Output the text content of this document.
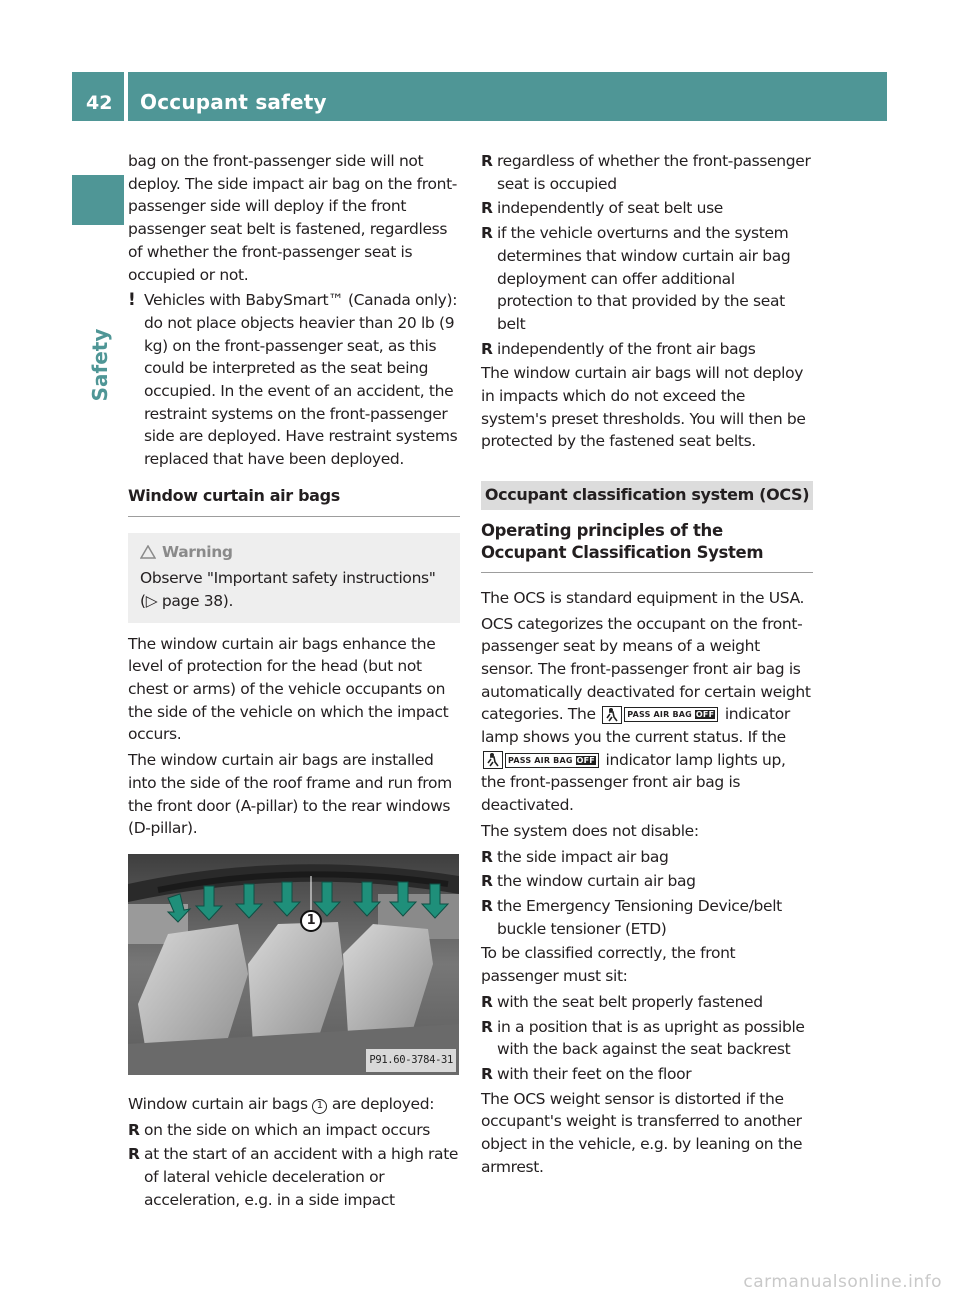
42 Occupant safety
Safety

bag on the front-passenger side will not deploy. The side impact air bag on the front-passenger side will deploy if the front passenger seat belt is fastened, regardless of whether the front-passenger seat is occupied or not.

! Vehicles with BabySmart™ (Canada only): do not place objects heavier than 20 lb (9 kg) on the front-passenger seat, as this could be interpreted as the seat being occupied. In the event of an accident, the restraint systems on the front-passenger side are deployed. Have restraint systems replaced that have been deployed.
Window curtain air bags
Warning
Observe "Important safety instructions" (▷ page 38).

The window curtain air bags enhance the level of protection for the head (but not chest or arms) of the vehicle occupants on the side of the vehicle on which the impact occurs.

The window curtain air bags are installed into the side of the roof frame and run from the front door (A-pillar) to the rear windows (D-pillar).

1
P91.60-3784-31

Window curtain air bags 1 are deployed:

R on the side on which an impact occurs
R at the start of an accident with a high rate of lateral vehicle deceleration or acceleration, e.g. in a side impact
R regardless of whether the front-passenger seat is occupied
R independently of seat belt use
R if the vehicle overturns and the system determines that window curtain air bag deployment can offer additional protection to that provided by the seat belt
R independently of the front air bags

The window curtain air bags will not deploy in impacts which do not exceed the system's preset thresholds. You will then be protected by the fastened seat belts.

Occupant classification system (OCS)
Operating principles of the Occupant Classification System

The OCS is standard equipment in the USA.

OCS categorizes the occupant on the front-passenger seat by means of a weight sensor. The front-passenger front air bag is automatically deactivated for certain weight categories. The	PASS AIR BAG OFF indicator lamp shows you the current status. If the
PASS AIR BAG OFF indicator lamp lights up, the front-passenger front air bag is deactivated.

The system does not disable:

R the side impact air bag
R the window curtain air bag
R the Emergency Tensioning Device/belt buckle tensioner (ETD)

To be classified correctly, the front passenger must sit:

R with the seat belt properly fastened
R in a position that is as upright as possible with the back against the seat backrest
R with their feet on the floor

The OCS weight sensor is distorted if the occupant's weight is transferred to another object in the vehicle, e.g. by leaning on the armrest.

carmanualsonline.info
